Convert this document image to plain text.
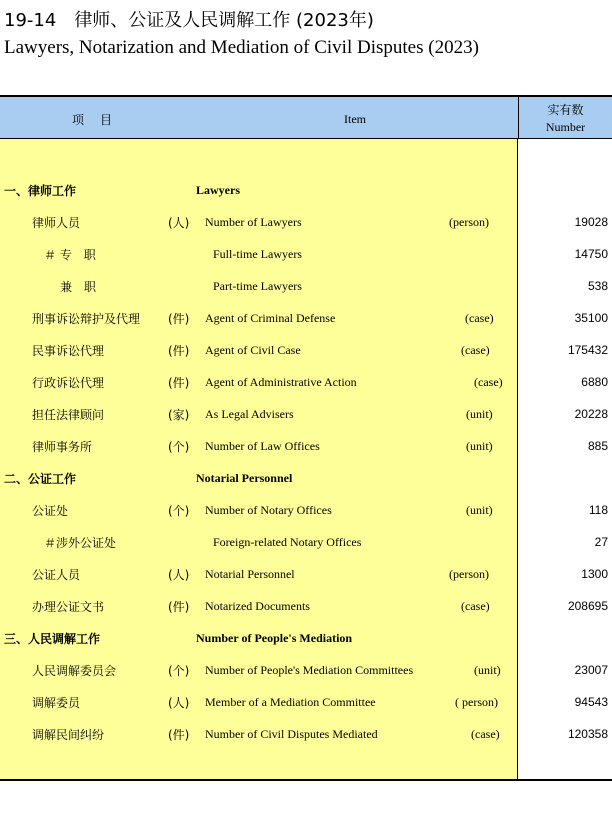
19-14 律师、公证及人民调解工作 (2023年)
Lawyers, Notarization and Mediation of Civil Disputes (2023)
项　目	Item
实有数
Number
一、律师工作	Lawyers
律师人员	(人) Number of Lawyers	(person)	19028
＃ 专　职	Full-time Lawyers	14750
兼　职	Part-time Lawyers	538
刑事诉讼辩护及代理 (件) Agent of Criminal Defense	(case)	35100
民事诉讼代理	(件) Agent of Civil Case	(case)	175432
行政诉讼代理	(件) Agent of Administrative Action	(case)	6880
担任法律顾问	(家) As Legal Advisers	(unit)	20228
律师事务所	(个) Number of Law Offices	(unit)	885
二、公证工作	Notarial Personnel
公证处	(个) Number of Notary Offices	(unit)	118
＃涉外公证处	Foreign-related Notary Offices	27
公证人员	(人) Notarial Personnel	(person)	1300
办理公证文书	(件) Notarized Documents	(case)	208695
三、人民调解工作	Number of People's Mediation
人民调解委员会	(个) Number of People's Mediation Committees	(unit)	23007
调解委员	(人) Member of a Mediation Committee	( person)	94543
调解民间纠纷	(件) Number of Civil Disputes Mediated	(case)	120358
